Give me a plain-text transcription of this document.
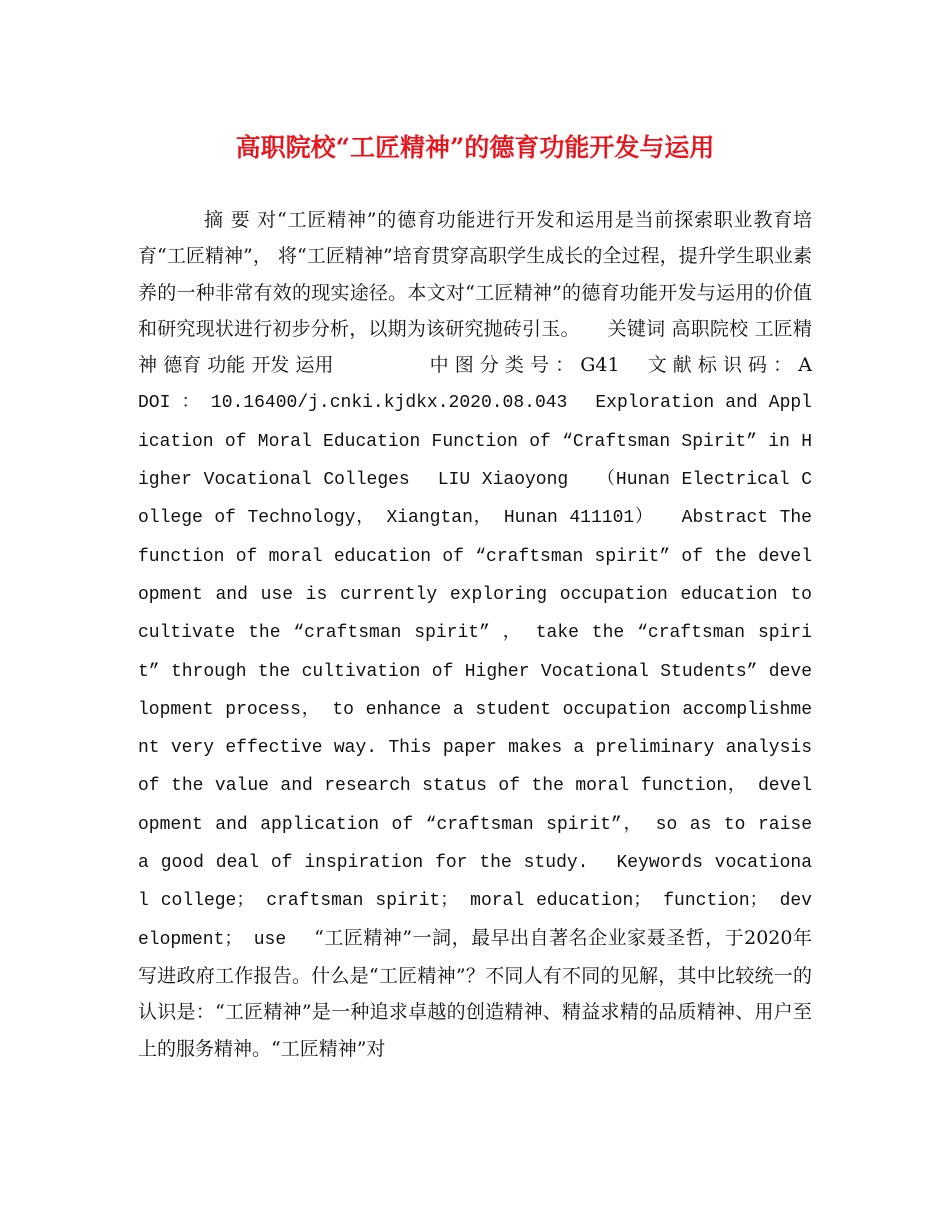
高职院校“工匠精神”的德育功能开发与运用

摘 要 对“工匠精神”的德育功能进行开发和运用是当前探索职业教育培育“工匠精神”， 将“工匠精神”培育贯穿高职学生成长的全过程，提升学生职业素养的一种非常有效的现实途径。本文对“工匠精神”的德育功能开发与运用的价值和研究现状进行初步分析，以期为该研究抛砖引玉。 关键词 高职院校 工匠精神 德育 功能 开发 运用	中 图 分 类 号 ： G41 文 献 标 识 码 ： A DOI ： 10.16400/j.cnki.kjdkx.2020.08.043 Exploration and Application of Moral Education Function of “Craftsman Spirit” in Higher Vocational Colleges LIU Xiaoyong （Hunan Electrical College of Technology， Xiangtan， Hunan 411101） Abstract The function of moral education of “craftsman spirit” of the development and use is currently exploring occupation education to cultivate the “craftsman spirit” ， take the “craftsman spirit” through the cultivation of Higher Vocational Students” development process， to enhance a student occupation accomplishment very effective way. This paper makes a preliminary analysis of the value and research status of the moral function， development and application of “craftsman spirit”， so as to raise a good deal of inspiration for the study. Keywords vocational college； craftsman spirit； moral education； function； development； use “工匠精神”一詞，最早出自著名企业家聂圣哲，于2020年写进政府工作报告。什么是“工匠精神”？不同人有不同的见解，其中比较统一的认识是：“工匠精神”是一种追求卓越的创造精神、精益求精的品质精神、用户至上的服务精神。“工匠精神”对
